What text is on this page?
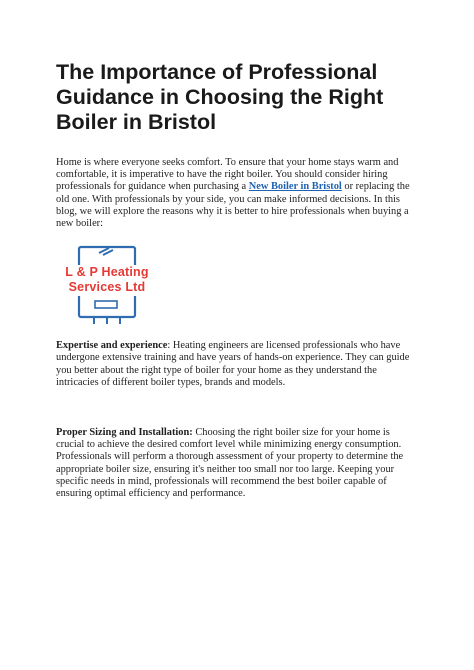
The Importance of Professional Guidance in Choosing the Right Boiler in Bristol

Home is where everyone seeks comfort. To ensure that your home stays warm and comfortable, it is imperative to have the right boiler. You should consider hiring professionals for guidance when purchasing a New Boiler in Bristol or replacing the old one. With professionals by your side, you can make informed decisions. In this blog, we will explore the reasons why it is better to hire professionals when buying a new boiler:

L & P Heating
Services Ltd

Expertise and experience: Heating engineers are licensed professionals who have undergone extensive training and have years of hands-on experience. They can guide you better about the right type of boiler for your home as they understand the intricacies of different boiler types, brands and models.

Proper Sizing and Installation: Choosing the right boiler size for your home is crucial to achieve the desired comfort level while minimizing energy consumption. Professionals will perform a thorough assessment of your property to determine the appropriate boiler size, ensuring it's neither too small nor too large. Keeping your specific needs in mind, professionals will recommend the best boiler capable of ensuring optimal efficiency and performance.
